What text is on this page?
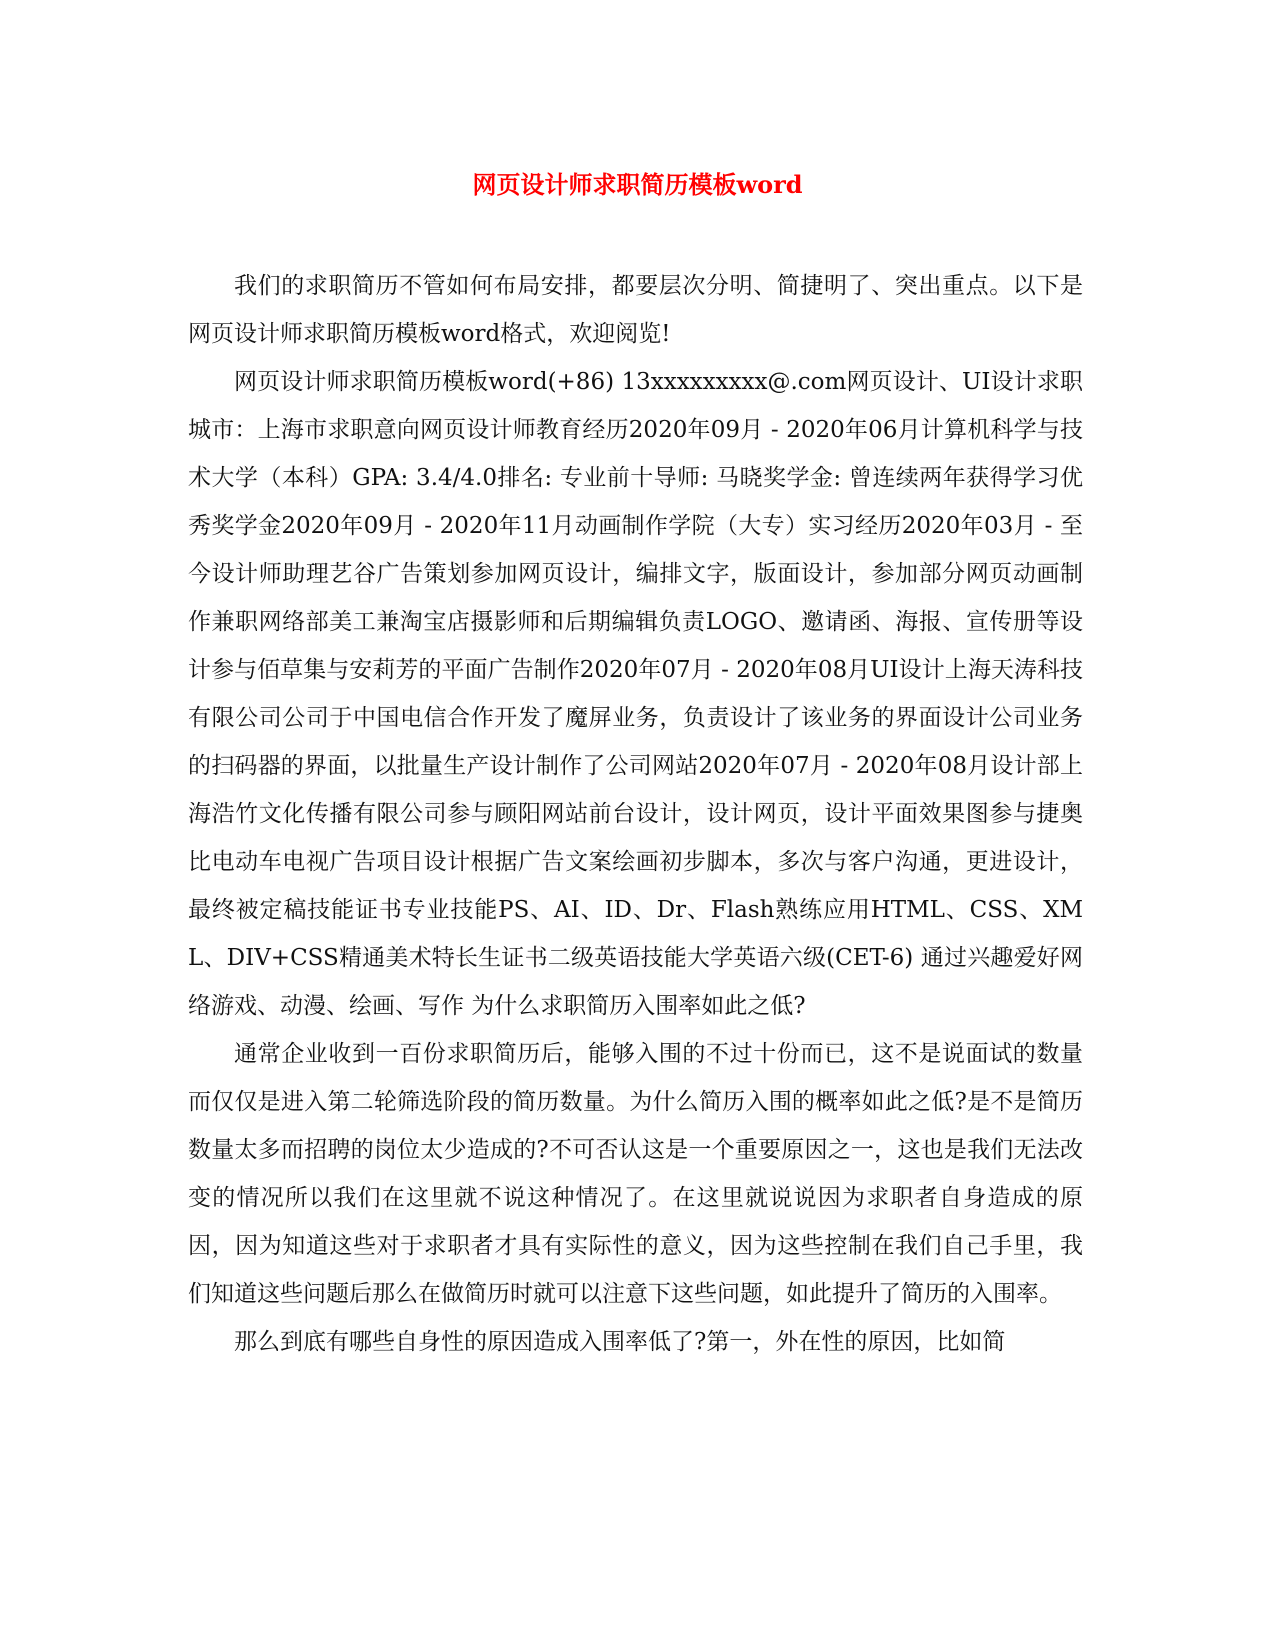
网页设计师求职简历模板word

我们的求职简历不管如何布局安排，都要层次分明、简捷明了、突出重点。以下是网页设计师求职简历模板word格式，欢迎阅览!

网页设计师求职简历模板word(+86) 13xxxxxxxxx@.com网页设计、UI设计求职城市：上海市求职意向网页设计师教育经历2020年09月 - 2020年06月计算机科学与技术大学（本科）GPA: 3.4/4.0排名: 专业前十导师: 马晓奖学金: 曾连续两年获得学习优秀奖学金2020年09月 - 2020年11月动画制作学院（大专）实习经历2020年03月 - 至今设计师助理艺谷广告策划参加网页设计，编排文字，版面设计，参加部分网页动画制作兼职网络部美工兼淘宝店摄影师和后期编辑负责LOGO、邀请函、海报、宣传册等设计参与佰草集与安莉芳的平面广告制作2020年07月 - 2020年08月UI设计上海天涛科技有限公司公司于中国电信合作开发了魔屏业务，负责设计了该业务的界面设计公司业务的扫码器的界面，以批量生产设计制作了公司网站2020年07月 - 2020年08月设计部上海浩竹文化传播有限公司参与顾阳网站前台设计，设计网页，设计平面效果图参与捷奥比电动车电视广告项目设计根据广告文案绘画初步脚本，多次与客户沟通，更进设计，最终被定稿技能证书专业技能PS、AI、ID、Dr、Flash熟练应用HTML、CSS、XML、DIV+CSS精通美术特长生证书二级英语技能大学英语六级(CET-6) 通过兴趣爱好网络游戏、动漫、绘画、写作 为什么求职简历入围率如此之低?

通常企业收到一百份求职简历后，能够入围的不过十份而已，这不是说面试的数量而仅仅是进入第二轮筛选阶段的简历数量。为什么简历入围的概率如此之低?是不是简历数量太多而招聘的岗位太少造成的?不可否认这是一个重要原因之一，这也是我们无法改变的情况所以我们在这里就不说这种情况了。在这里就说说因为求职者自身造成的原因，因为知道这些对于求职者才具有实际性的意义，因为这些控制在我们自己手里，我们知道这些问题后那么在做简历时就可以注意下这些问题，如此提升了简历的入围率。

那么到底有哪些自身性的原因造成入围率低了?第一，外在性的原因，比如简
